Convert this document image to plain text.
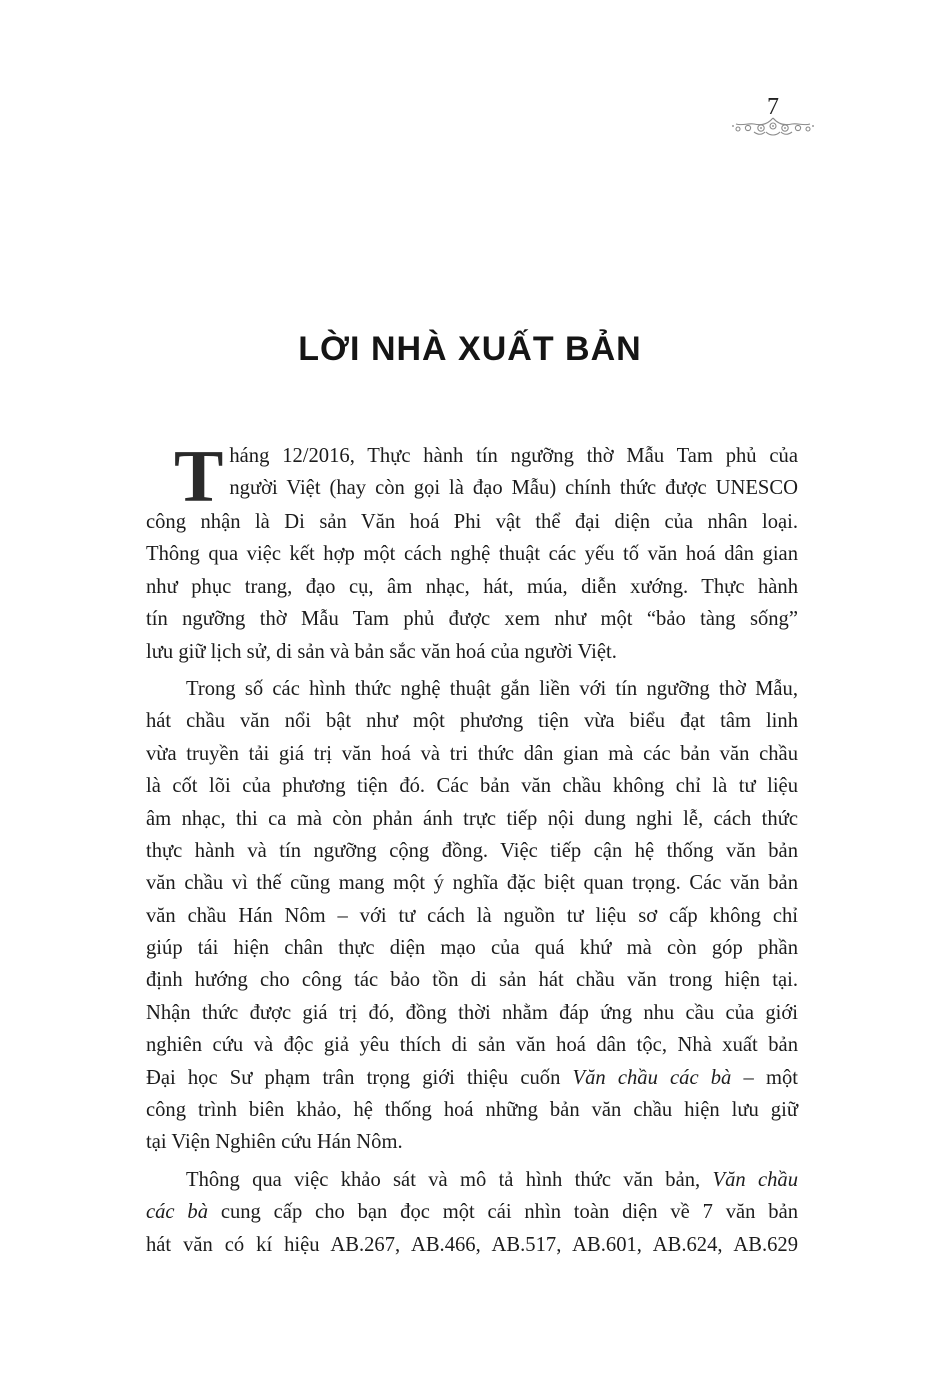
7
LỜI NHÀ XUẤT BẢN
T háng 12/2016, Thực hành tín ngưỡng thờ Mẫu Tam phủ của
người Việt (hay còn gọi là đạo Mẫu) chính thức được UNESCO
công nhận là Di sản Văn hoá Phi vật thể đại diện của nhân loại.
Thông qua việc kết hợp một cách nghệ thuật các yếu tố văn hoá dân gian
như phục trang, đạo cụ, âm nhạc, hát, múa, diễn xướng. Thực hành
tín ngưỡng thờ Mẫu Tam phủ được xem như một “bảo tàng sống”
lưu giữ lịch sử, di sản và bản sắc văn hoá của người Việt.
Trong số các hình thức nghệ thuật gắn liền với tín ngưỡng thờ Mẫu,
hát chầu văn nổi bật như một phương tiện vừa biểu đạt tâm linh
vừa truyền tải giá trị văn hoá và tri thức dân gian mà các bản văn chầu
là cốt lõi của phương tiện đó. Các bản văn chầu không chỉ là tư liệu
âm nhạc, thi ca mà còn phản ánh trực tiếp nội dung nghi lễ, cách thức
thực hành và tín ngưỡng cộng đồng. Việc tiếp cận hệ thống văn bản
văn chầu vì thế cũng mang một ý nghĩa đặc biệt quan trọng. Các văn bản
văn chầu Hán Nôm – với tư cách là nguồn tư liệu sơ cấp không chỉ
giúp tái hiện chân thực diện mạo của quá khứ mà còn góp phần
định hướng cho công tác bảo tồn di sản hát chầu văn trong hiện tại.
Nhận thức được giá trị đó, đồng thời nhằm đáp ứng nhu cầu của giới
nghiên cứu và độc giả yêu thích di sản văn hoá dân tộc, Nhà xuất bản
Đại học Sư phạm trân trọng giới thiệu cuốn Văn chầu các bà – một
công trình biên khảo, hệ thống hoá những bản văn chầu hiện lưu giữ
tại Viện Nghiên cứu Hán Nôm.
Thông qua việc khảo sát và mô tả hình thức văn bản, Văn chầu
các bà cung cấp cho bạn đọc một cái nhìn toàn diện về 7 văn bản
hát văn có kí hiệu AB.267, AB.466, AB.517, AB.601, AB.624, AB.629
